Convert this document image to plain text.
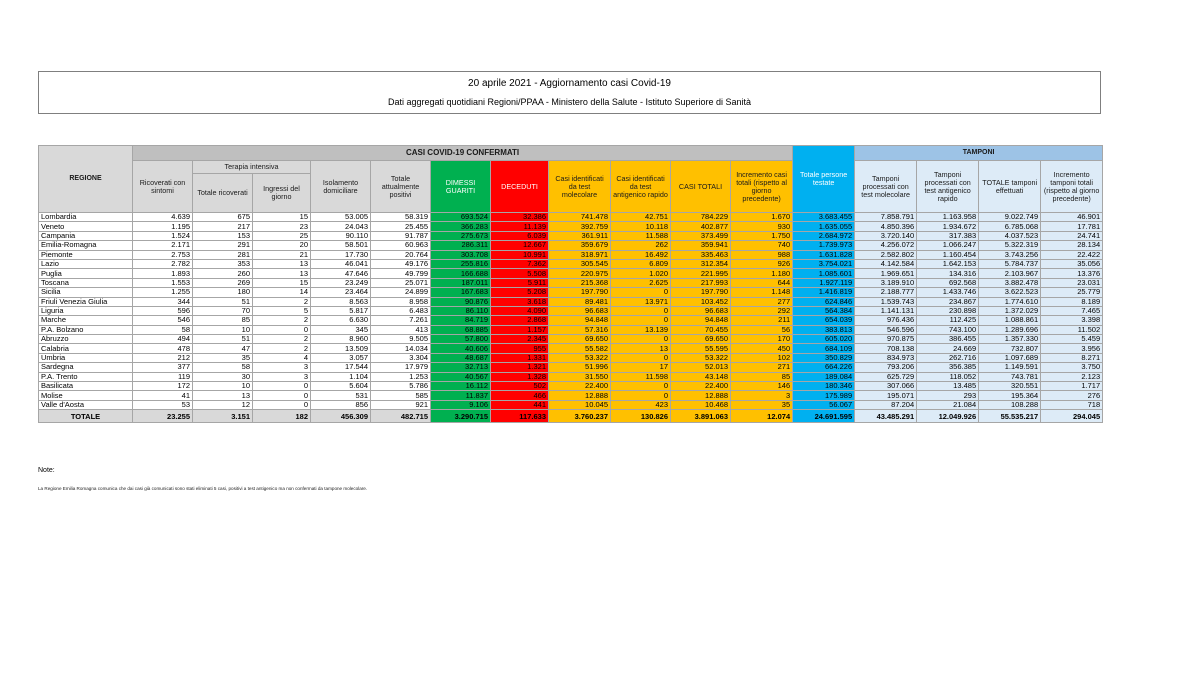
20 aprile 2021 - Aggiornamento casi Covid-19
Dati aggregati quotidiani Regioni/PPAA - Ministero della Salute - Istituto Superiore di Sanità
REGIONE	CASI COVID-19 CONFERMATI											Totale persone testate	TAMPONI			
	Ricoverati con sintomi	Terapia intensiva		Isolamento domiciliare	Totale attualmente positivi	DIMESSI GUARITI	DECEDUTI	Casi identificati da test molecolare	Casi identificati da test antigenico rapido	CASI TOTALI	Incremento casi totali (rispetto al giorno precedente)		Tamponi processati con test molecolare	Tamponi processati con test antigenico rapido	TOTALE tamponi effettuati	Incremento tamponi totali (rispetto al giorno precedente)
		Totale ricoverati	Ingressi del giorno													
Lombardia	4.639	675	15	53.005	58.319	693.524	32.386	741.478	42.751	784.229	1.670	3.683.455	7.858.791	1.163.958	9.022.749	46.901
Veneto	1.195	217	23	24.043	25.455	366.283	11.139	392.759	10.118	402.877	930	1.635.055	4.850.396	1.934.672	6.785.068	17.781
Campania	1.524	153	25	90.110	91.787	275.673	6.039	361.911	11.588	373.499	1.750	2.684.972	3.720.140	317.383	4.037.523	24.741
Emilia-Romagna	2.171	291	20	58.501	60.963	286.311	12.667	359.679	262	359.941	740	1.739.973	4.256.072	1.066.247	5.322.319	28.134
Piemonte	2.753	281	21	17.730	20.764	303.708	10.991	318.971	16.492	335.463	988	1.631.828	2.582.802	1.160.454	3.743.256	22.422
Lazio	2.782	353	13	46.041	49.176	255.816	7.362	305.545	6.809	312.354	926	3.754.021	4.142.584	1.642.153	5.784.737	35.056
Puglia	1.893	260	13	47.646	49.799	166.688	5.508	220.975	1.020	221.995	1.180	1.085.601	1.969.651	134.316	2.103.967	13.376
Toscana	1.553	269	15	23.249	25.071	187.011	5.911	215.368	2.625	217.993	644	1.927.119	3.189.910	692.568	3.882.478	23.031
Sicilia	1.255	180	14	23.464	24.899	167.683	5.208	197.790	0	197.790	1.148	1.416.819	2.188.777	1.433.746	3.622.523	25.779
Friuli Venezia Giulia	344	51	2	8.563	8.958	90.876	3.618	89.481	13.971	103.452	277	624.846	1.539.743	234.867	1.774.610	8.189
Liguria	596	70	5	5.817	6.483	86.110	4.090	96.683	0	96.683	292	564.384	1.141.131	230.898	1.372.029	7.465
Marche	546	85	2	6.630	7.261	84.719	2.868	94.848	0	94.848	211	654.039	976.436	112.425	1.088.861	3.398
P.A. Bolzano	58	10	0	345	413	68.885	1.157	57.316	13.139	70.455	56	383.813	546.596	743.100	1.289.696	11.502
Abruzzo	494	51	2	8.960	9.505	57.800	2.345	69.650	0	69.650	170	605.020	970.875	386.455	1.357.330	5.459
Calabria	478	47	2	13.509	14.034	40.606	955	55.582	13	55.595	450	684.109	708.138	24.669	732.807	3.956
Umbria	212	35	4	3.057	3.304	48.687	1.331	53.322	0	53.322	102	350.829	834.973	262.716	1.097.689	8.271
Sardegna	377	58	3	17.544	17.979	32.713	1.321	51.996	17	52.013	271	664.226	793.206	356.385	1.149.591	3.750
P.A. Trento	119	30	3	1.104	1.253	40.567	1.328	31.550	11.598	43.148	85	189.084	625.729	118.052	743.781	2.123
Basilicata	172	10	0	5.604	5.786	16.112	502	22.400	0	22.400	146	180.346	307.066	13.485	320.551	1.717
Molise	41	13	0	531	585	11.837	466	12.888	0	12.888	3	175.989	195.071	293	195.364	276
Valle d'Aosta	53	12	0	856	921	9.106	441	10.045	423	10.468	35	56.067	87.204	21.084	108.288	718
TOTALE	23.255	3.151	182	456.309	482.715	3.290.715	117.633	3.760.237	130.826	3.891.063	12.074	24.691.595	43.485.291	12.049.926	55.535.217	294.045
Note:
La Regione Emilia Romagna comunica che dai casi già comunicati sono stati eliminati 5 casi, positivi a test antigenico ma non confermati da tampone molecolare.
